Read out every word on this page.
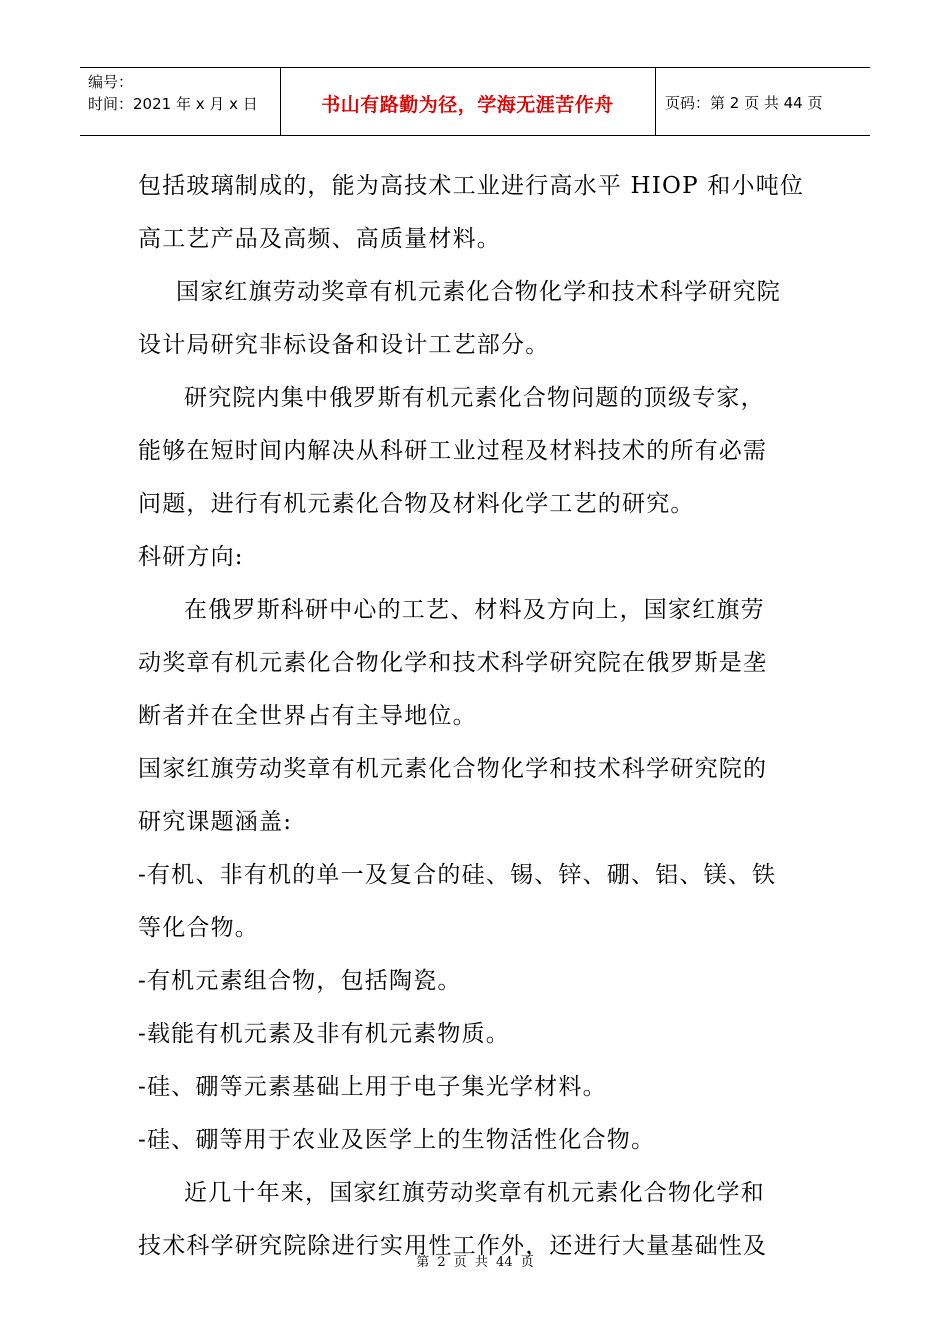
编号：
时间：2021 年 x 月 x 日	书山有路勤为径，学海无涯苦作舟	页码：第 2 页 共 44 页
包括玻璃制成的，能为高技术工业进行高水平 HIOP 和小吨位
高工艺产品及高频、高质量材料。
国家红旗劳动奖章有机元素化合物化学和技术科学研究院
设计局研究非标设备和设计工艺部分。
研究院内集中俄罗斯有机元素化合物问题的顶级专家，
能够在短时间内解决从科研工业过程及材料技术的所有必需
问题，进行有机元素化合物及材料化学工艺的研究。
科研方向:
在俄罗斯科研中心的工艺、材料及方向上，国家红旗劳
动奖章有机元素化合物化学和技术科学研究院在俄罗斯是垄
断者并在全世界占有主导地位。
国家红旗劳动奖章有机元素化合物化学和技术科学研究院的
研究课题涵盖:
-有机、非有机的单一及复合的硅、锡、锌、硼、铝、镁、铁
等化合物。
-有机元素组合物，包括陶瓷。
-载能有机元素及非有机元素物质。
-硅、硼等元素基础上用于电子集光学材料。
-硅、硼等用于农业及医学上的生物活性化合物。
近几十年来，国家红旗劳动奖章有机元素化合物化学和
技术科学研究院除进行实用性工作外，还进行大量基础性及
第 2 页 共 44 页
